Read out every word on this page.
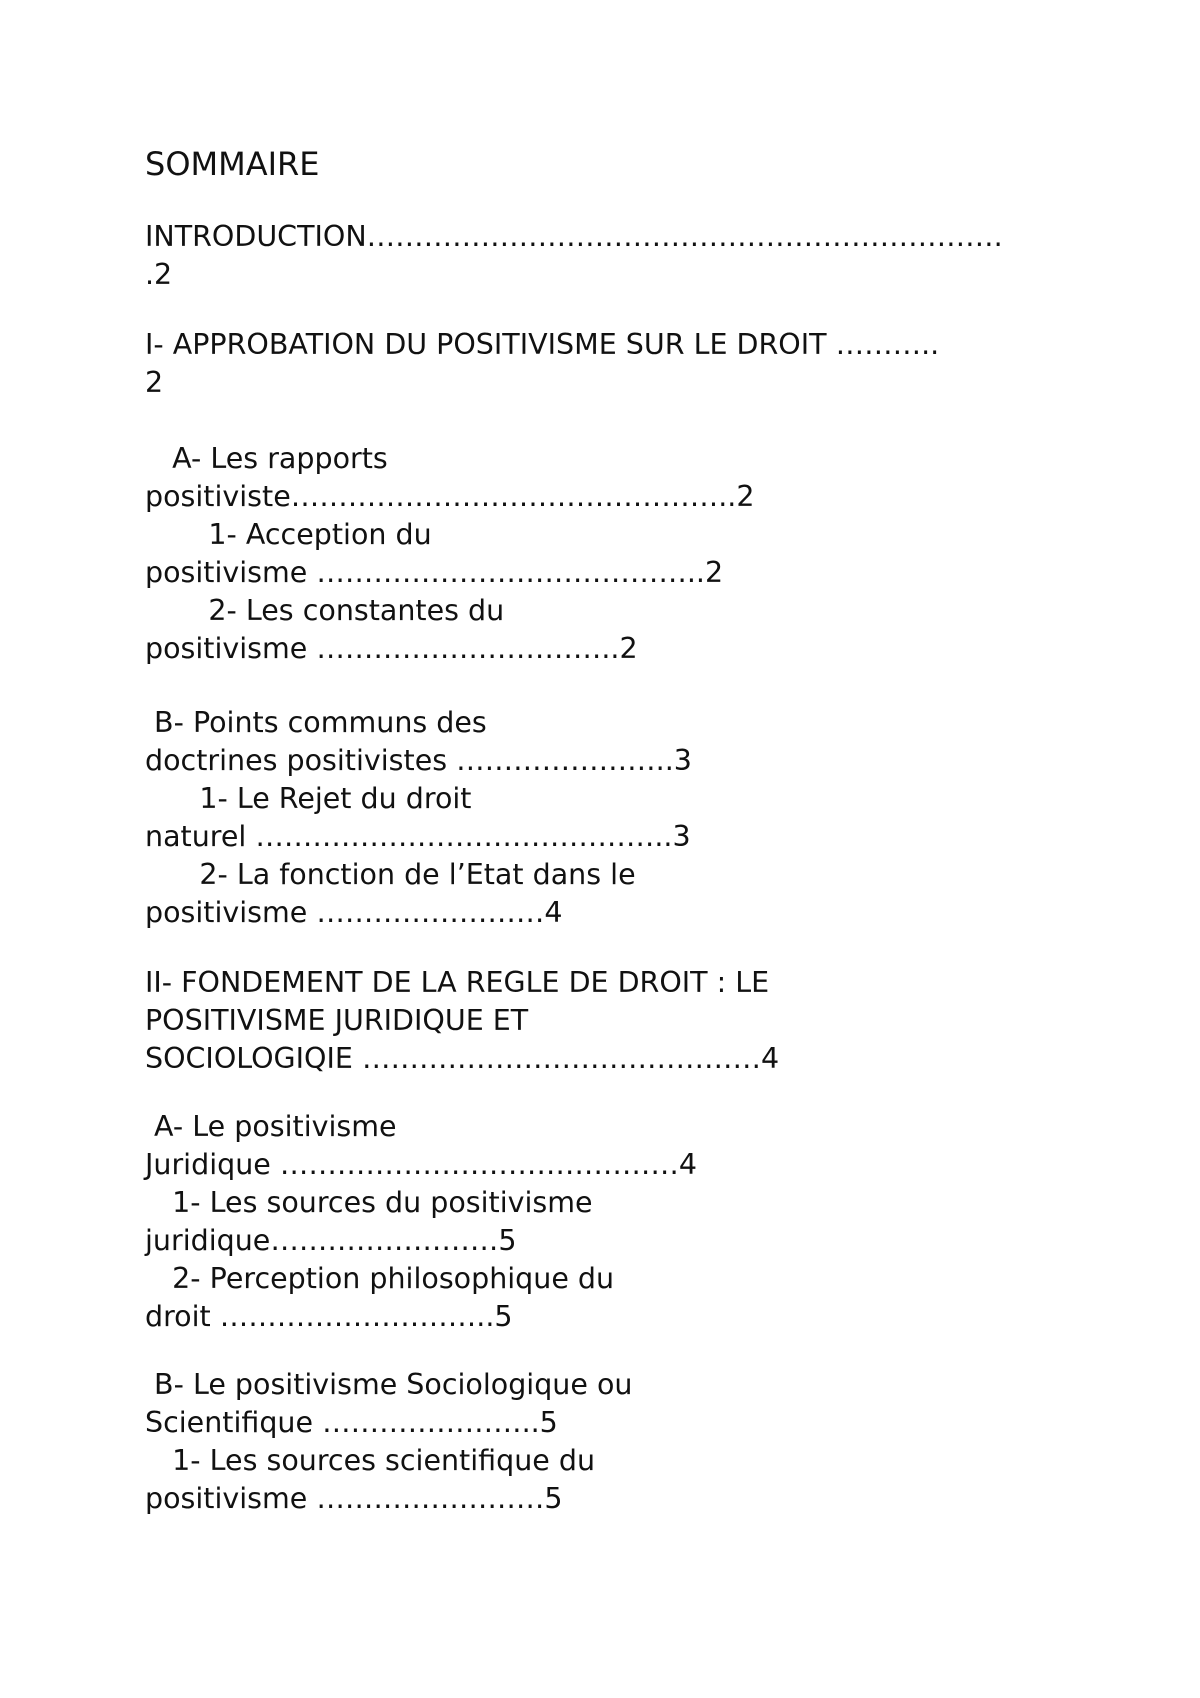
SOMMAIRE
INTRODUCTION………………………………………………………….
.2
I- APPROBATION DU POSITIVISME SUR LE DROIT ………..
2
A- Les rapports
positiviste………………………………………..2
1- Acception du
positivisme …………………………………..2
2- Les constantes du
positivisme …………………………..2
B- Points communs des
doctrines positivistes …………………..3
1- Le Rejet du droit
naturel ……………………………………..3
2- La fonction de l’Etat dans le
positivisme ……………………4
II- FONDEMENT DE LA REGLE DE DROIT : LE
POSITIVISME JURIDIQUE ET
SOCIOLOGIQIE ……………………………………4
A- Le positivisme
Juridique ……………………………………4
1- Les sources du positivisme
juridique……………………5
2- Perception philosophique du
droit ………………………..5
B- Le positivisme Sociologique ou
Scientifique …………………..5
1- Les sources scientifique du
positivisme ……………………5
